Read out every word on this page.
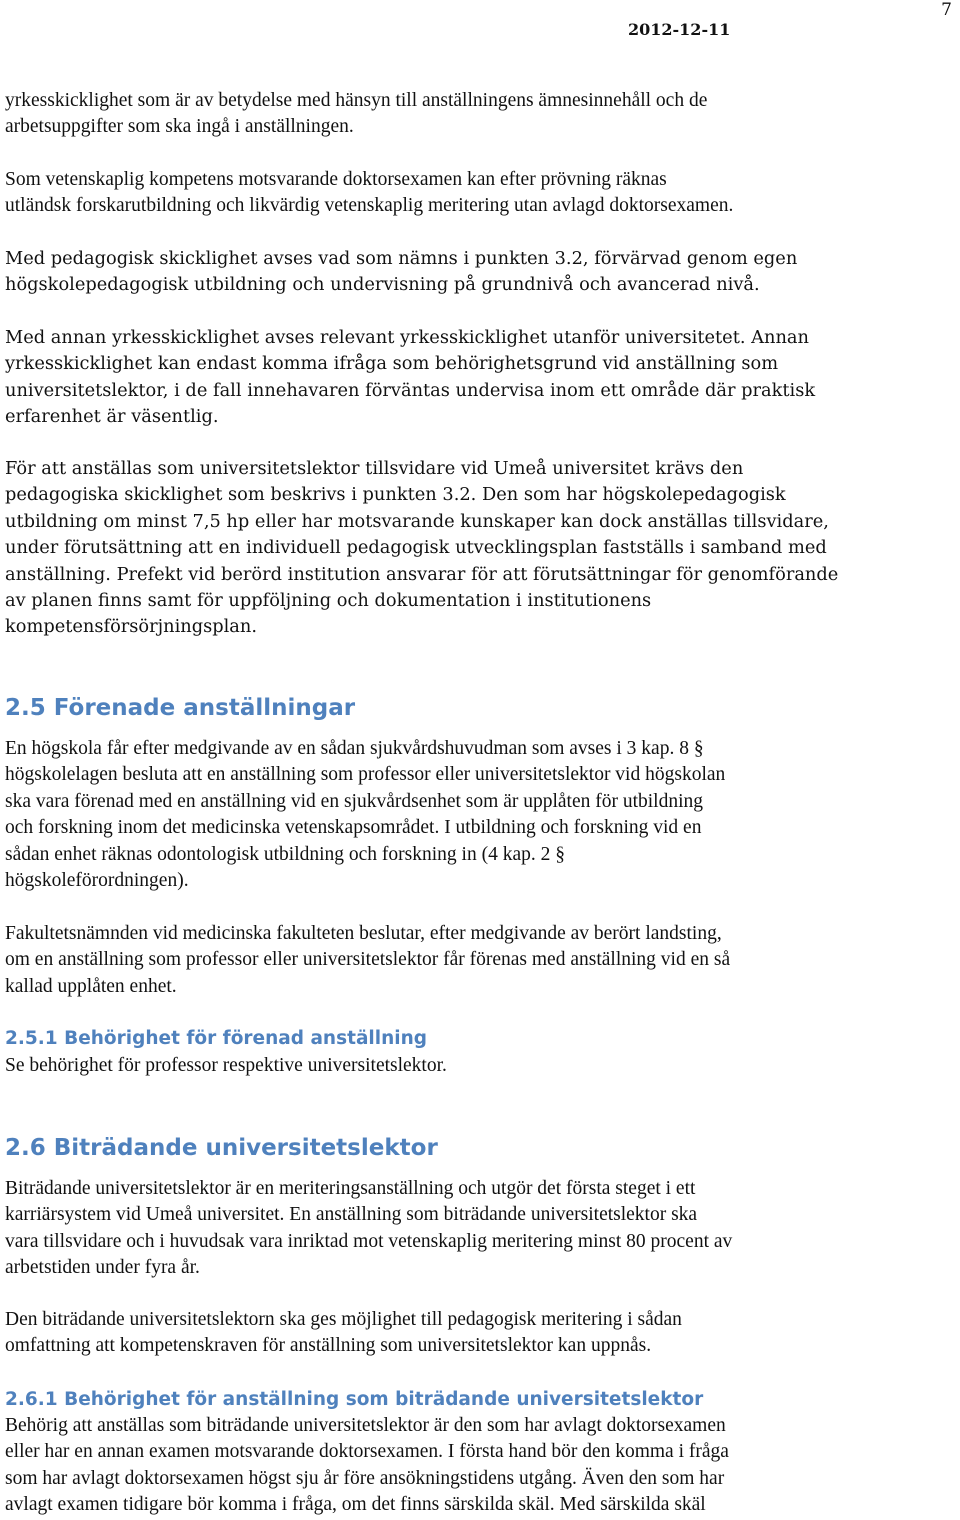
7
2012-12-11

yrkesskicklighet som är av betydelse med hänsyn till anställningens ämnesinnehåll och de
arbetsuppgifter som ska ingå i anställningen.

Som vetenskaplig kompetens motsvarande doktorsexamen kan efter prövning räknas
utländsk forskarutbildning och likvärdig vetenskaplig meritering utan avlagd doktorsexamen.

Med pedagogisk skicklighet avses vad som nämns i punkten 3.2, förvärvad genom egen
högskolepedagogisk utbildning och undervisning på grundnivå och avancerad nivå.

Med annan yrkesskicklighet avses relevant yrkesskicklighet utanför universitetet. Annan
yrkesskicklighet kan endast komma ifråga som behörighetsgrund vid anställning som
universitetslektor, i de fall innehavaren förväntas undervisa inom ett område där praktisk
erfarenhet är väsentlig.

För att anställas som universitetslektor tillsvidare vid Umeå universitet krävs den
pedagogiska skicklighet som beskrivs i punkten 3.2. Den som har högskolepedagogisk
utbildning om minst 7,5 hp eller har motsvarande kunskaper kan dock anställas tillsvidare,
under förutsättning att en individuell pedagogisk utvecklingsplan fastställs i samband med
anställning. Prefekt vid berörd institution ansvarar för att förutsättningar för genomförande
av planen finns samt för uppföljning och dokumentation i institutionens
kompetensförsörjningsplan.

2.5 Förenade anställningar

En högskola får efter medgivande av en sådan sjukvårdshuvudman som avses i 3 kap. 8 §
högskolelagen besluta att en anställning som professor eller universitetslektor vid högskolan
ska vara förenad med en anställning vid en sjukvårdsenhet som är upplåten för utbildning
och forskning inom det medicinska vetenskapsområdet. I utbildning och forskning vid en
sådan enhet räknas odontologisk utbildning och forskning in (4 kap. 2 §
högskoleförordningen).

Fakultetsnämnden vid medicinska fakulteten beslutar, efter medgivande av berört landsting,
om en anställning som professor eller universitetslektor får förenas med anställning vid en så
kallad upplåten enhet.

2.5.1 Behörighet för förenad anställning

Se behörighet för professor respektive universitetslektor.

2.6 Biträdande universitetslektor

Biträdande universitetslektor är en meriteringsanställning och utgör det första steget i ett
karriärsystem vid Umeå universitet. En anställning som biträdande universitetslektor ska
vara tillsvidare och i huvudsak vara inriktad mot vetenskaplig meritering minst 80 procent av
arbetstiden under fyra år.

Den biträdande universitetslektorn ska ges möjlighet till pedagogisk meritering i sådan
omfattning att kompetenskraven för anställning som universitetslektor kan uppnås.

2.6.1 Behörighet för anställning som biträdande universitetslektor

Behörig att anställas som biträdande universitetslektor är den som har avlagt doktorsexamen
eller har en annan examen motsvarande doktorsexamen. I första hand bör den komma i fråga
som har avlagt doktorsexamen högst sju år före ansökningstidens utgång. Även den som har
avlagt examen tidigare bör komma i fråga, om det finns särskilda skäl. Med särskilda skäl
